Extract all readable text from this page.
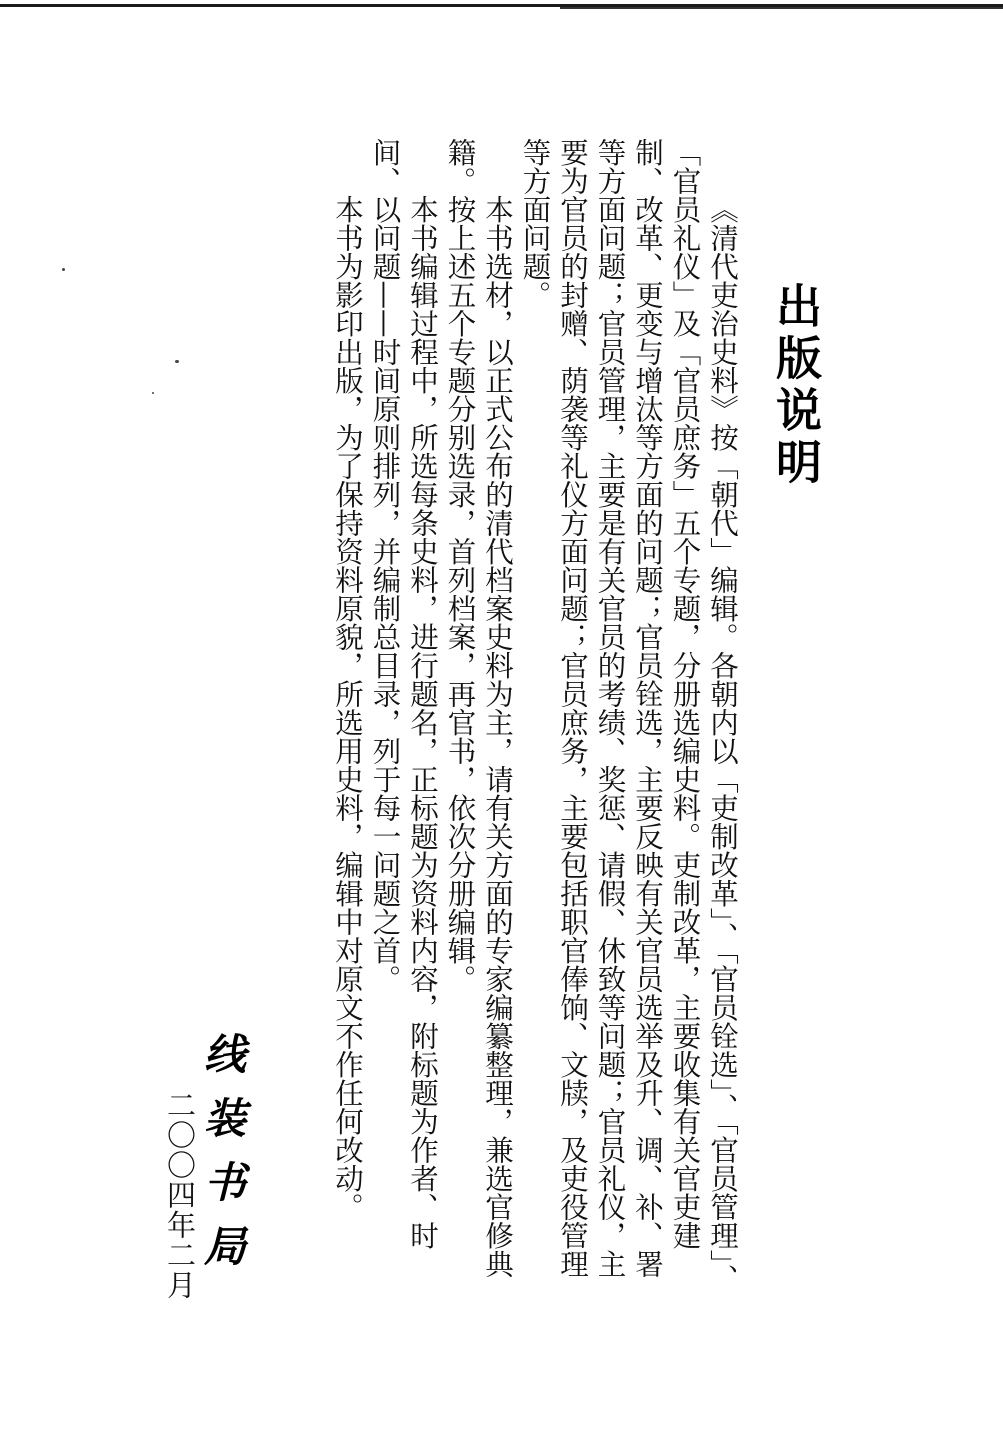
出版说明

《清代吏治史料》按「朝代」编辑。各朝内以「吏制改革」、「官员铨选」、「官员管理」、「官员礼仪」及「官员庶务」五个专题，分册选编史料。吏制改革，主要收集有关官吏建制、改革、更变与增汰等方面的问题；官员铨选，主要反映有关官员选举及升、调、补、署等方面问题；官员管理，主要是有关官员的考绩、奖惩、请假、休致等问题；官员礼仪，主要为官员的封赠、荫袭等礼仪方面问题；官员庶务，主要包括职官俸饷、文牍，及吏役管理等方面问题。

本书选材，以正式公布的清代档案史料为主，请有关方面的专家编纂整理，兼选官修典籍。按上述五个专题分别选录，首列档案，再官书，依次分册编辑。

本书编辑过程中，所选每条史料，进行题名，正标题为资料内容，附标题为作者、时间、以问题——时间原则排列，并编制总目录，列于每一问题之首。

本书为影印出版，为了保持资料原貌，所选用史料，编辑中对原文不作任何改动。

线装书局
二〇〇四年二月
